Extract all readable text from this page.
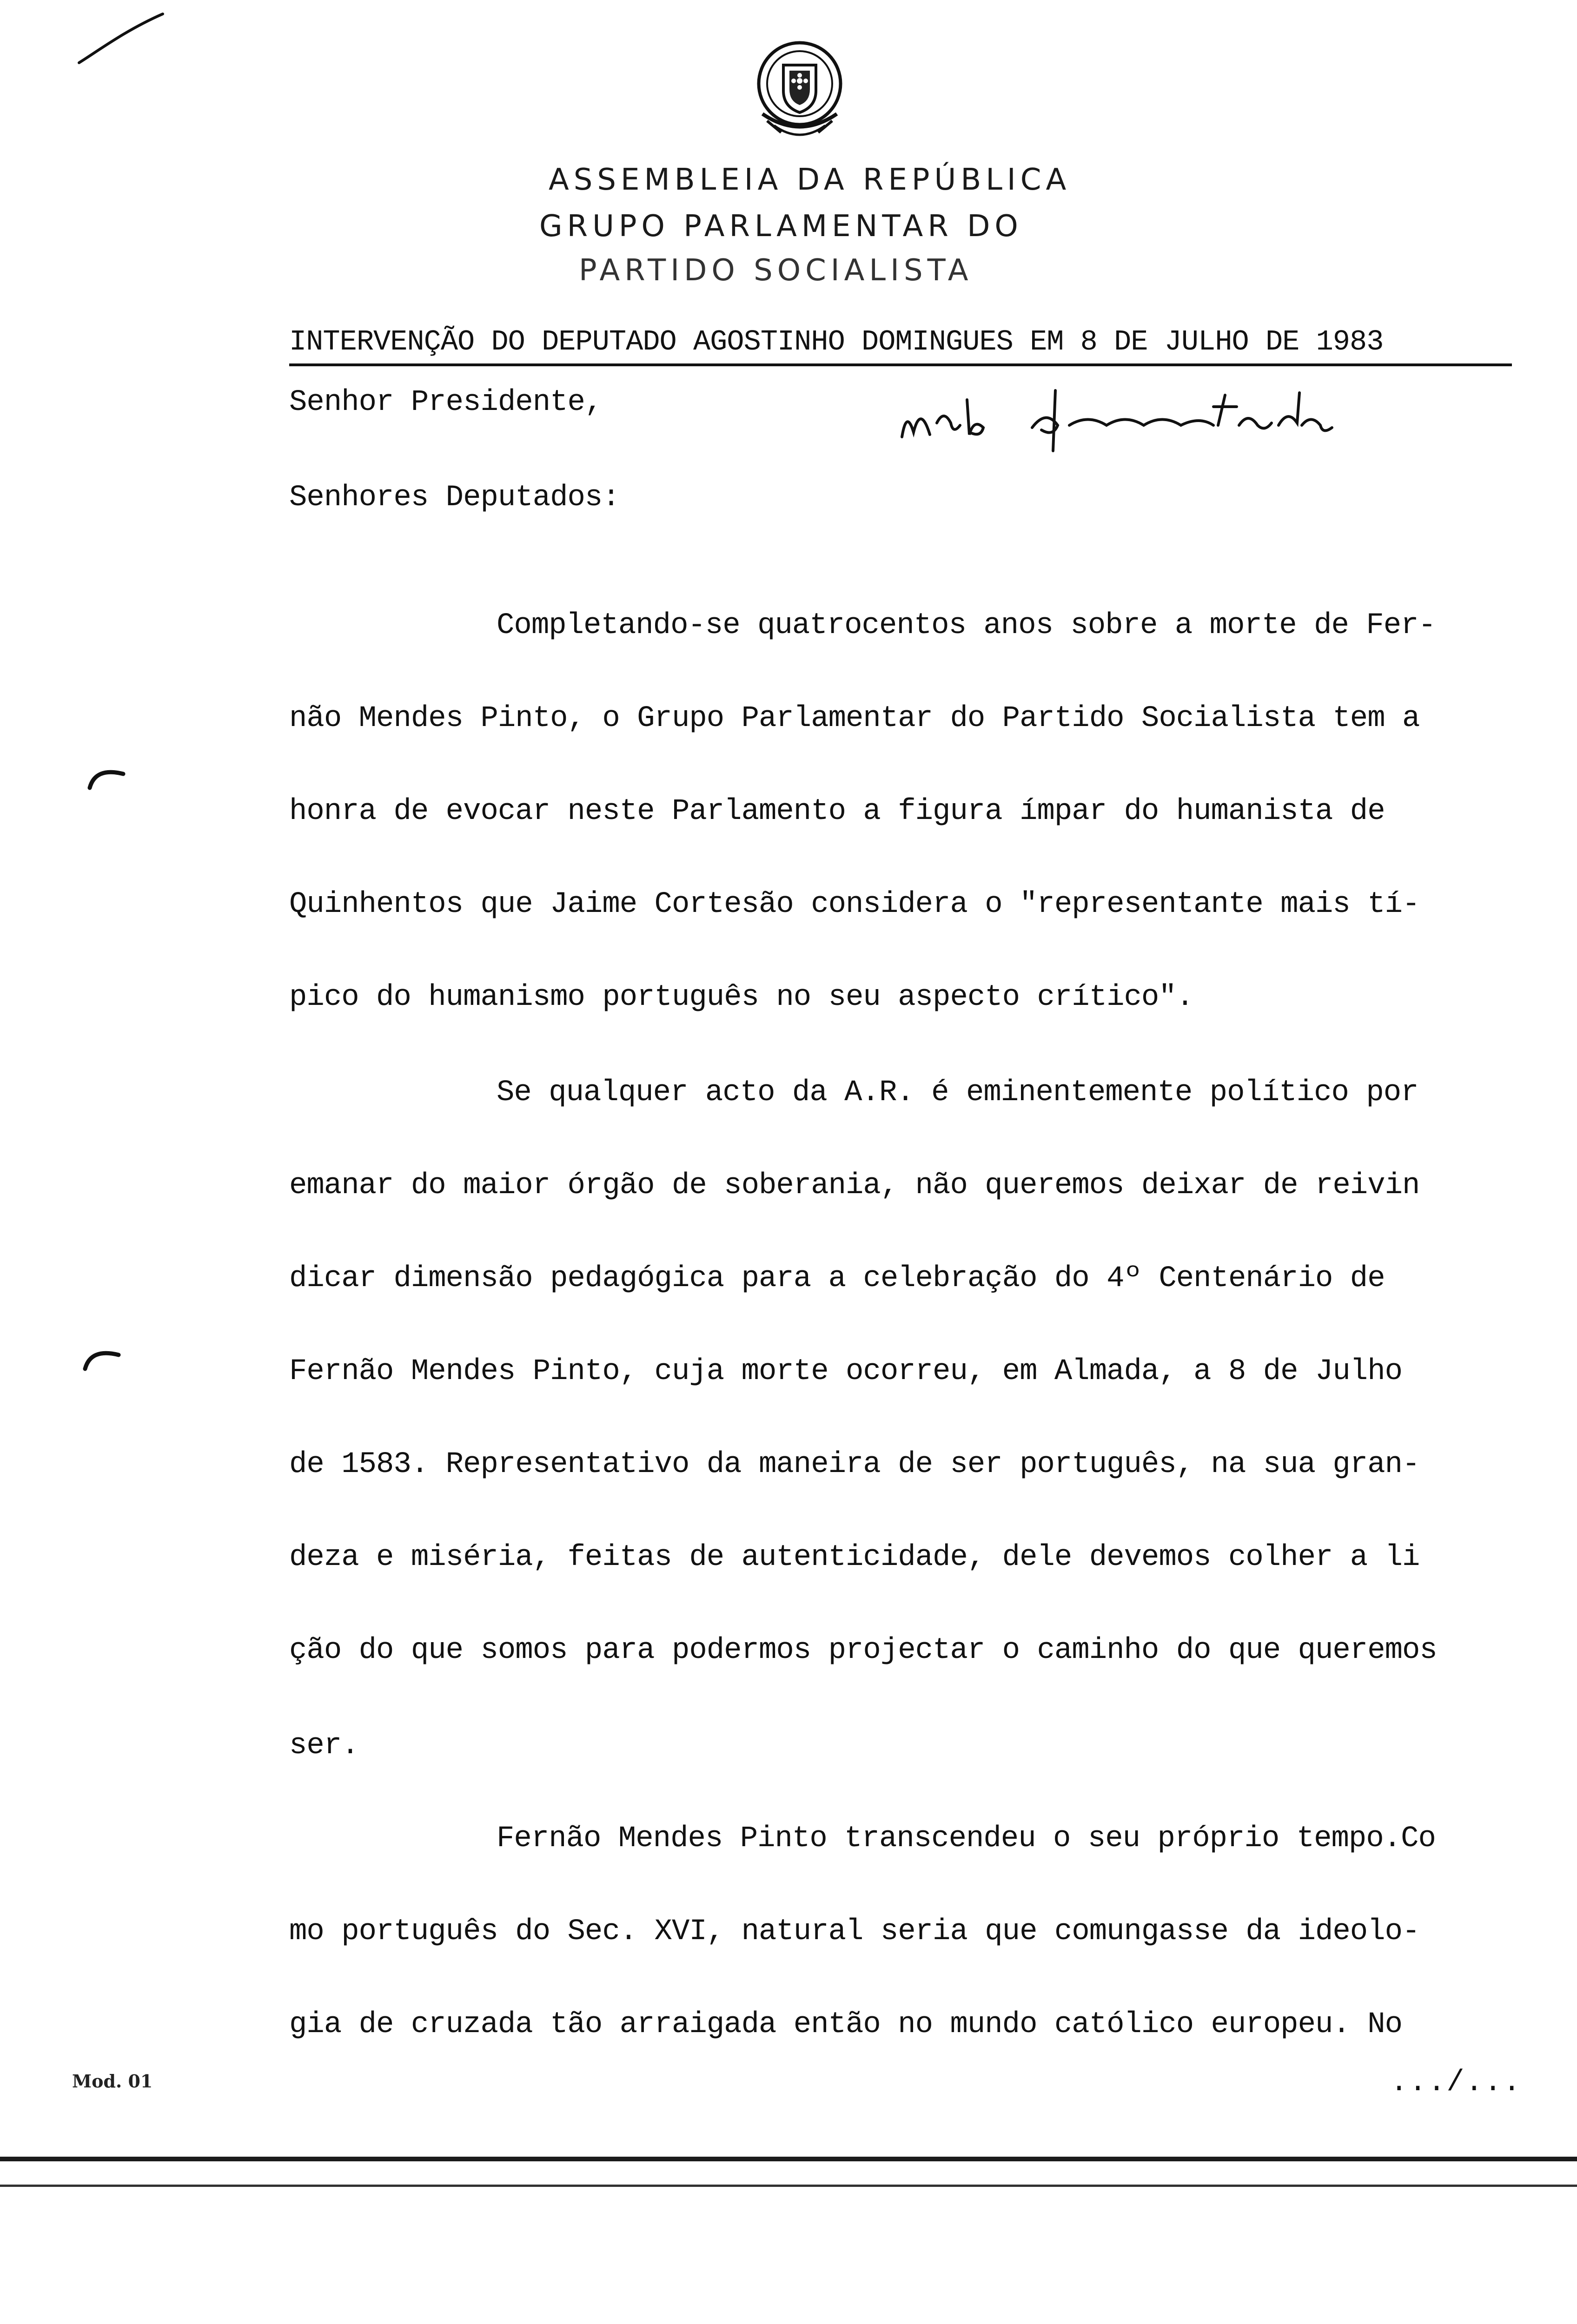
ASSEMBLEIA DA REPÚBLICA
GRUPO PARLAMENTAR DO
PARTIDO SOCIALISTA
INTERVENÇÃO DO DEPUTADO AGOSTINHO DOMINGUES EM 8 DE JULHO DE 1983
Senhor Presidente,
Senhores Deputados:
Completando-se quatrocentos anos sobre a morte de Fer-
não Mendes Pinto, o Grupo Parlamentar do Partido Socialista tem a
honra de evocar neste Parlamento a figura ímpar do humanista de
Quinhentos que Jaime Cortesão considera o "representante mais tí-
pico do humanismo português no seu aspecto crítico".
Se qualquer acto da A.R. é eminentemente político por
emanar do maior órgão de soberania, não queremos deixar de reivin
dicar dimensão pedagógica para a celebração do 4º Centenário de
Fernão Mendes Pinto, cuja morte ocorreu, em Almada, a 8 de Julho
de 1583. Representativo da maneira de ser português, na sua gran-
deza e miséria, feitas de autenticidade, dele devemos colher a li
ção do que somos para podermos projectar o caminho do que queremos
ser.
Fernão Mendes Pinto transcendeu o seu próprio tempo.Co
mo português do Sec. XVI, natural seria que comungasse da ideolo-
gia de cruzada tão arraigada então no mundo católico europeu. No
Mod. 01	.../...
